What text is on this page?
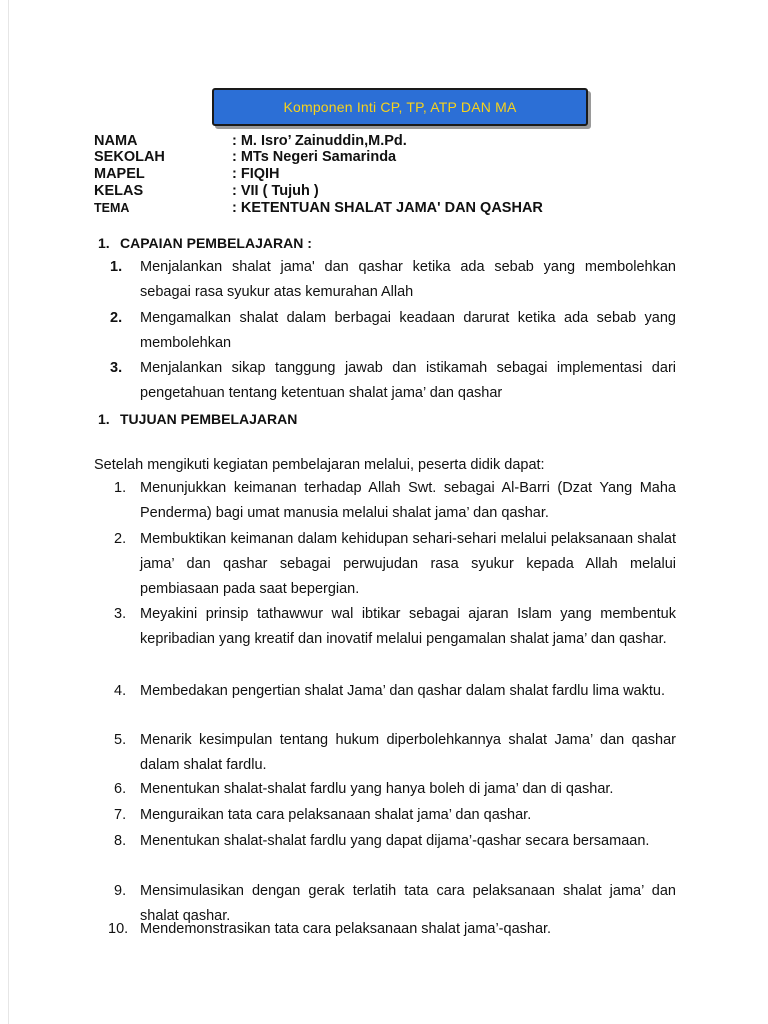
Komponen Inti CP, TP, ATP DAN MA
NAMA	: M. Isro’ Zainuddin,M.Pd.
SEKOLAH	: MTs Negeri Samarinda
MAPEL	: FIQIH
KELAS	: VII ( Tujuh )
TEMA	: KETENTUAN SHALAT JAMA' DAN QASHAR
1. CAPAIAN PEMBELAJARAN :
1. Menjalankan shalat jama' dan qashar ketika ada sebab yang membolehkan sebagai rasa syukur atas kemurahan Allah
2. Mengamalkan shalat dalam berbagai keadaan darurat ketika ada sebab yang membolehkan
3. Menjalankan sikap tanggung jawab dan istikamah sebagai implementasi dari pengetahuan tentang ketentuan shalat jama’ dan qashar
1. TUJUAN PEMBELAJARAN
Setelah mengikuti kegiatan pembelajaran melalui, peserta didik dapat:
1. Menunjukkan keimanan terhadap Allah Swt. sebagai Al-Barri (Dzat Yang Maha Penderma) bagi umat manusia melalui shalat jama’ dan qashar.
2. Membuktikan keimanan dalam kehidupan sehari-sehari melalui pelaksanaan shalat jama’ dan qashar sebagai perwujudan rasa syukur kepada Allah melalui pembiasaan pada saat bepergian.
3. Meyakini prinsip tathawwur wal ibtikar sebagai ajaran Islam yang membentuk kepribadian yang kreatif dan inovatif melalui pengamalan shalat jama’ dan qashar.
4. Membedakan pengertian shalat Jama’ dan qashar dalam shalat fardlu lima waktu.
5. Menarik kesimpulan tentang hukum diperbolehkannya shalat Jama’ dan qashar dalam shalat fardlu.
6. Menentukan shalat-shalat fardlu yang hanya boleh di jama’ dan di qashar.
7. Menguraikan tata cara pelaksanaan shalat jama’ dan qashar.
8. Menentukan shalat-shalat fardlu yang dapat dijama’-qashar secara bersamaan.
9. Mensimulasikan dengan gerak terlatih tata cara pelaksanaan shalat jama’ dan shalat qashar.
10. Mendemonstrasikan tata cara pelaksanaan shalat jama’-qashar.
